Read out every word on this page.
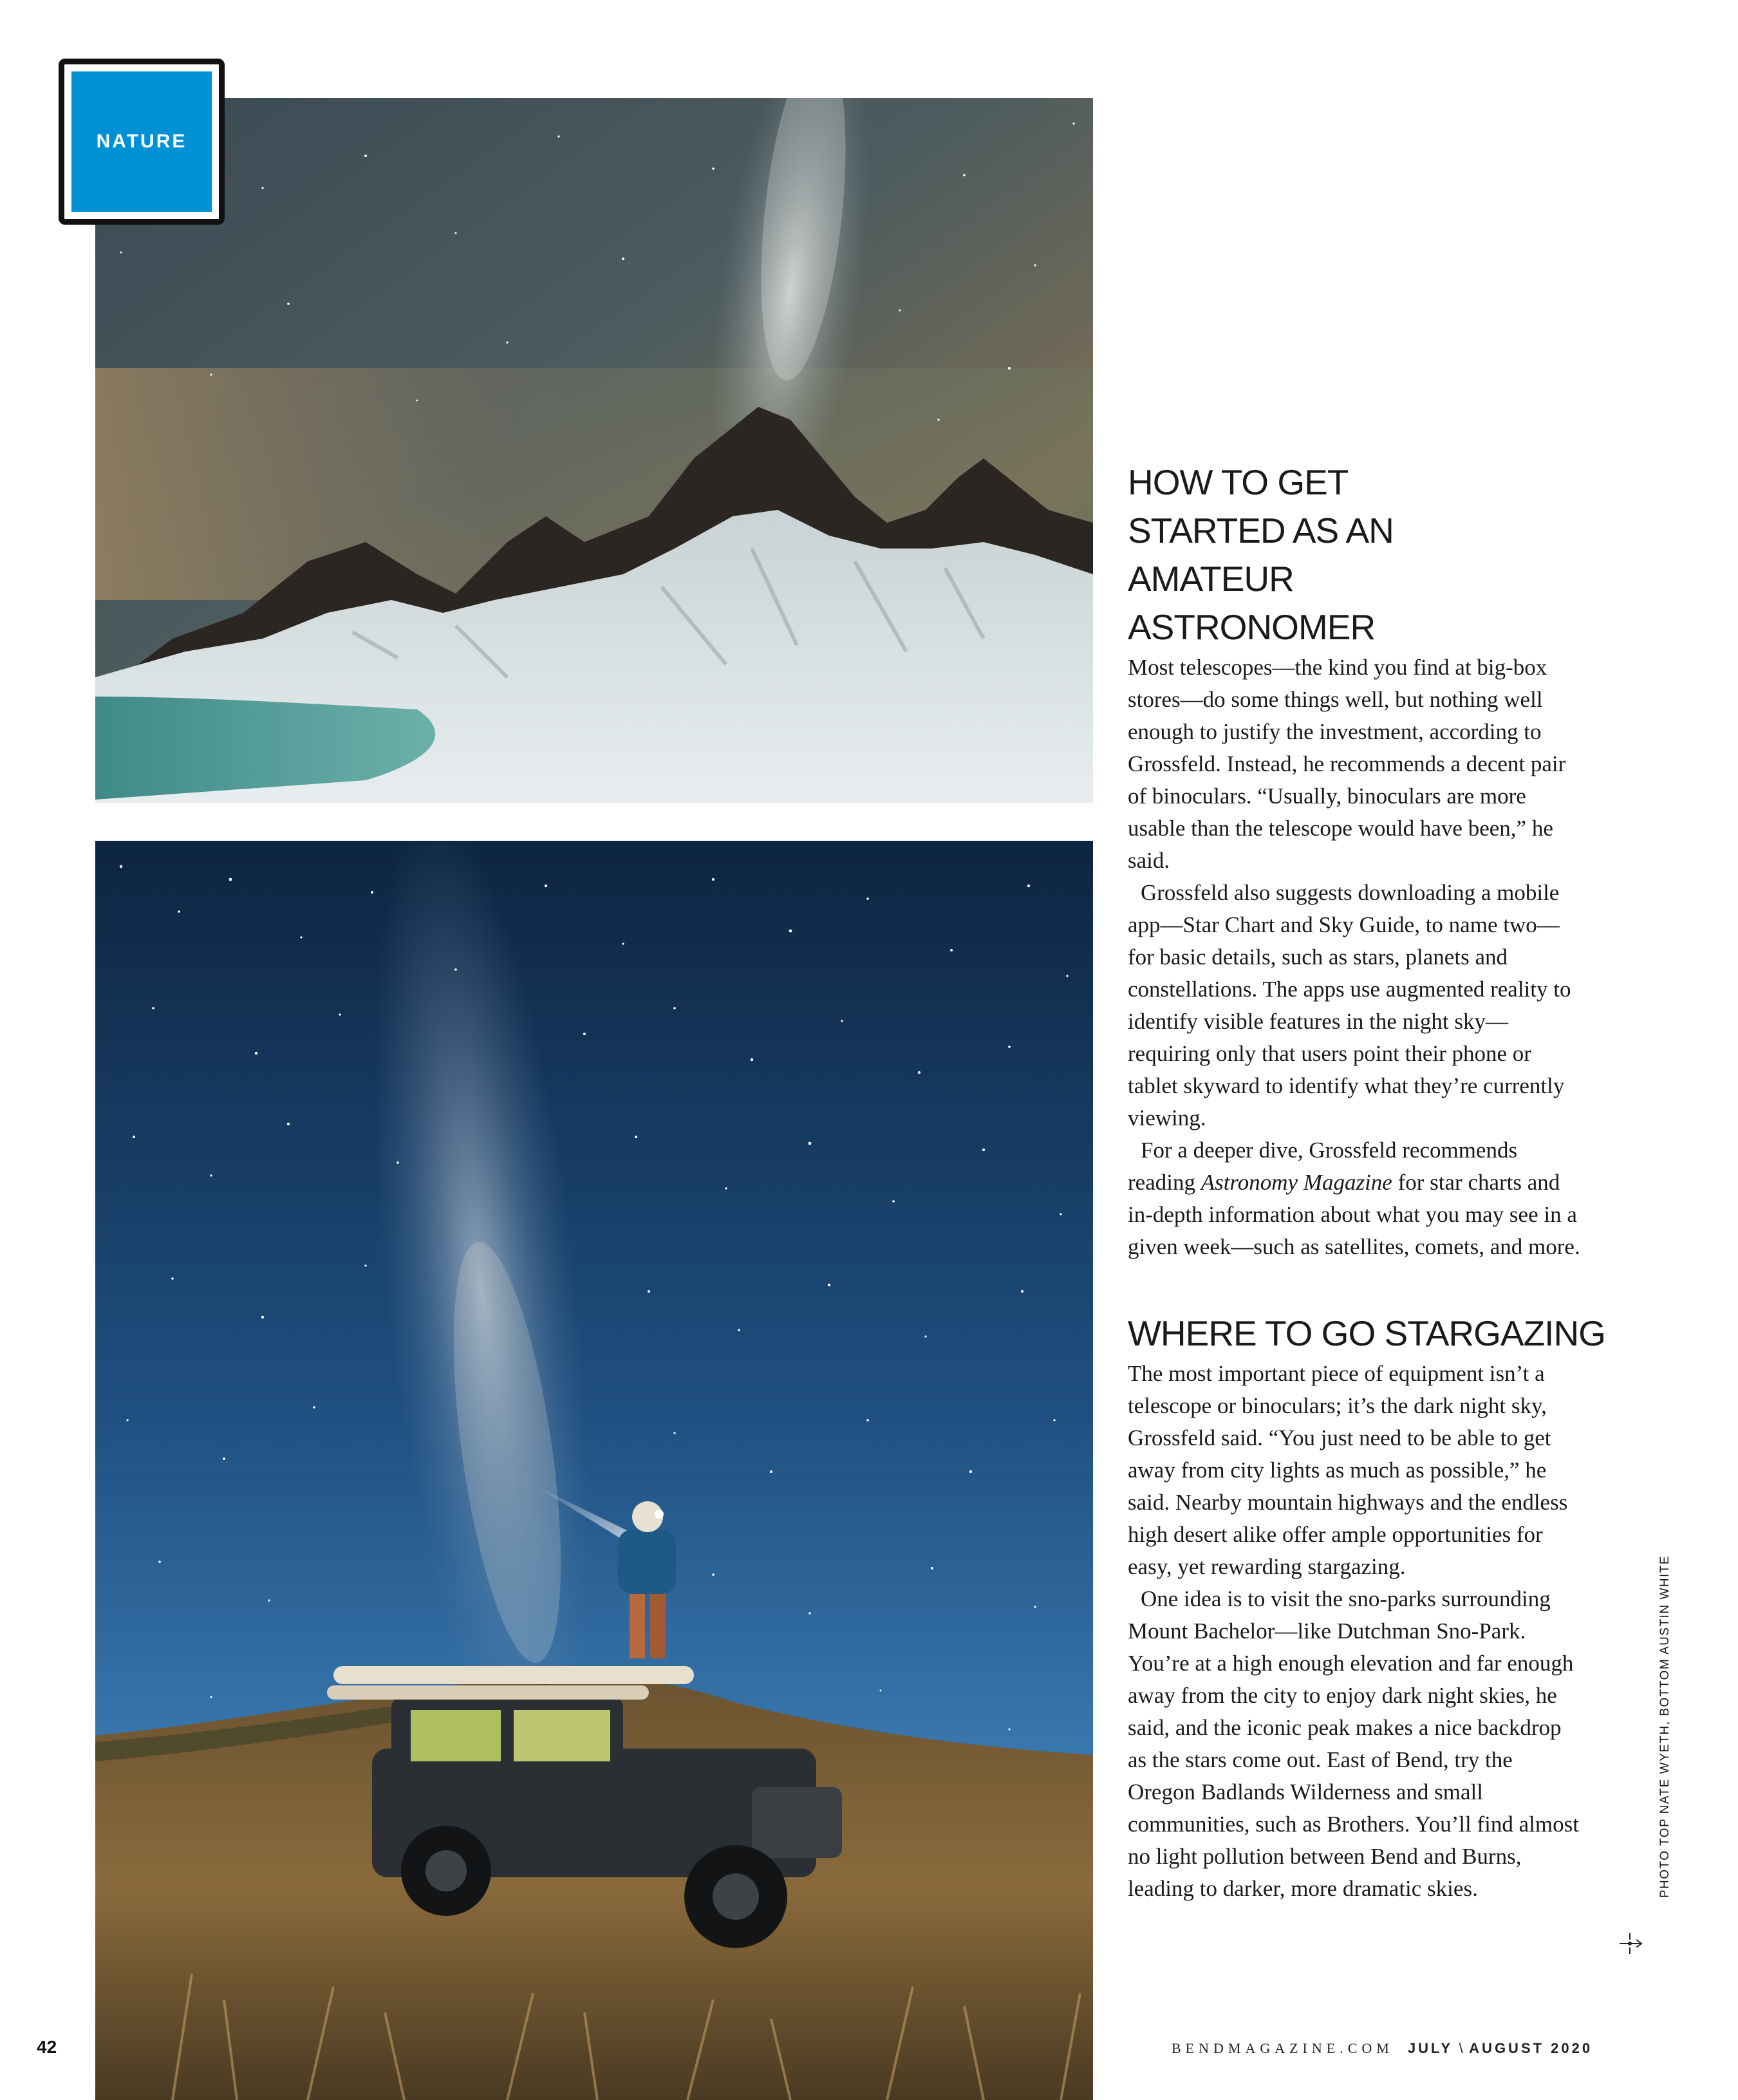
NATURE
HOW TO GET STARTED AS AN AMATEUR ASTRONOMER

Most telescopes—the kind you find at big-box stores—do some things well, but nothing well enough to justify the investment, according to Grossfeld. Instead, he recommends a decent pair of binoculars. “Usually, binoculars are more usable than the telescope would have been,” he said.

Grossfeld also suggests downloading a mobile app—Star Chart and Sky Guide, to name two—for basic details, such as stars, planets and constellations. The apps use augmented reality to identify visible features in the night sky—requiring only that users point their phone or tablet skyward to identify what they’re currently viewing.

For a deeper dive, Grossfeld recommends reading Astronomy Magazine for star charts and in-depth information about what you may see in a given week—such as satellites, comets, and more.

WHERE TO GO STARGAZING

The most important piece of equipment isn’t a telescope or binoculars; it’s the dark night sky, Grossfeld said. “You just need to be able to get away from city lights as much as possible,” he said. Nearby mountain highways and the endless high desert alike offer ample opportunities for easy, yet rewarding stargazing.

One idea is to visit the sno-parks surrounding Mount Bachelor—like Dutchman Sno-Park. You’re at a high enough elevation and far enough away from the city to enjoy dark night skies, he said, and the iconic peak makes a nice backdrop as the stars come out. East of Bend, try the Oregon Badlands Wilderness and small communities, such as Brothers. You’ll find almost no light pollution between Bend and Burns, leading to darker, more dramatic skies.	PHOTO TOP NATE WYETH, BOTTOM AUSTIN WHITE
42	BENDMAGAZINE.COM JULY \ AUGUST 2020
